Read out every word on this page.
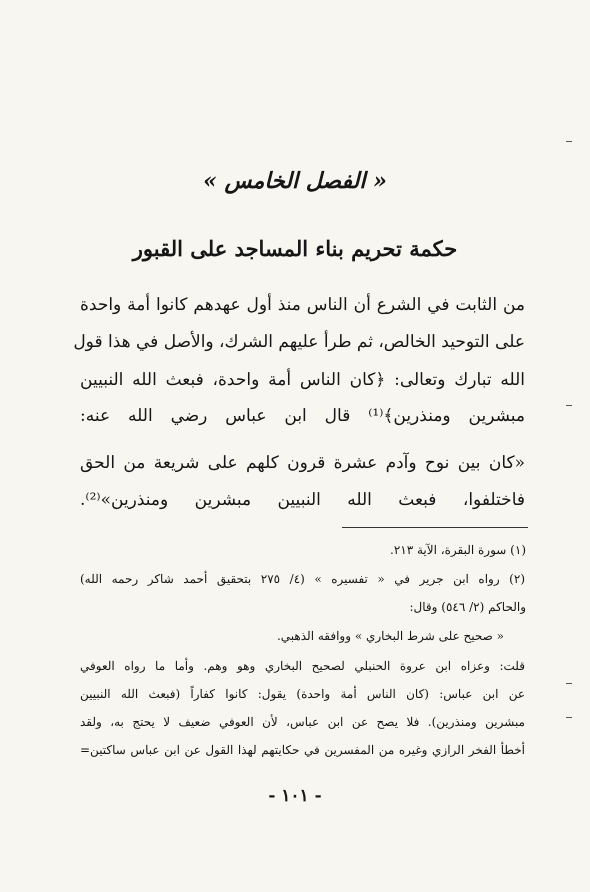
« الفصل الخامس »
حكمة تحريم بناء المساجد على القبور
من الثابت في الشرع أن الناس منذ أول عهدهم كانوا أمة واحدة
على التوحيد الخالص، ثم طرأ عليهم الشرك، والأصل في هذا قول
الله تبارك وتعالى: ﴿كان الناس أمة واحدة، فبعث الله النبيين
مبشرين ومنذرين﴾⁽¹⁾ قال ابن عباس رضي الله عنه:
«كان بين نوح وآدم عشرة قرون كلهم على شريعة من الحق
فاختلفوا، فبعث الله النبيين مبشرين ومنذرين»⁽²⁾.
(١) سورة البقرة، الآية ٢١٣.
(٢) رواه ابن جرير في « تفسيره » (٤/ ٢٧٥ بتحقيق أحمد شاكر رحمه الله)
والحاكم (٢/ ٥٤٦) وقال:
« صحيح على شرط البخاري » ووافقه الذهبي.
قلت: وعزاه ابن عروة الحنبلي لصحيح البخاري وهو وهم. وأما ما رواه العوفي
عن ابن عباس: (كان الناس أمة واحدة) يقول: كانوا كفاراً (فبعث الله النبيين
مبشرين ومنذرين). فلا يصح عن ابن عباس، لأن العوفي ضعيف لا يحتج به، ولقد
أخطأ الفخر الرازي وغيره من المفسرين في حكايتهم لهذا القول عن ابن عباس ساكتين=
- ١٠١ -
